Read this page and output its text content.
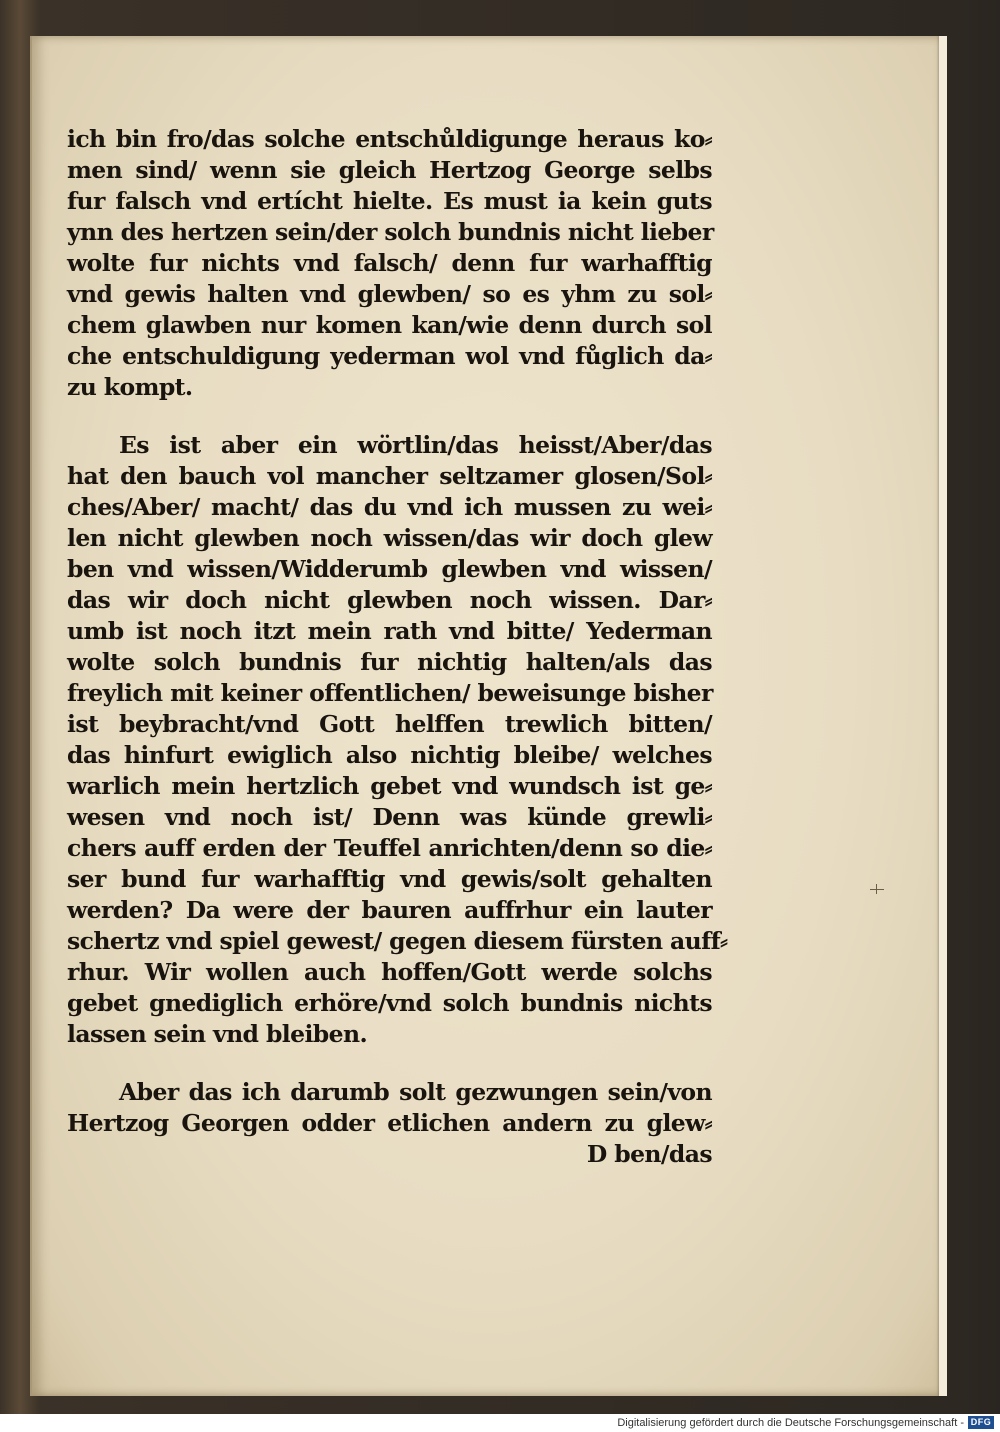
ich bin fro/das solche entschůldigunge heraus ko⸗
men sind/ wenn sie gleich Hertzog George selbs
fur falsch vnd ertícht hielte. Es must ia kein guts
ynn des hertzen sein/der solch bundnis nicht lieber
wolte fur nichts vnd falsch/ denn fur warhafftig
vnd gewis halten vnd glewben/ so es yhm zu sol⸗
chem glawben nur komen kan/wie denn durch sol
che entschuldigung yederman wol vnd fůglich da⸗
zu kompt.
Es ist aber ein wörtlin/das heisst/Aber/das
hat den bauch vol mancher seltzamer glosen/Sol⸗
ches/Aber/ macht/ das du vnd ich mussen zu wei⸗
len nicht glewben noch wissen/das wir doch glew
ben vnd wissen/Widderumb glewben vnd wissen/
das wir doch nicht glewben noch wissen. Dar⸗
umb ist noch itzt mein rath vnd bitte/ Yederman
wolte solch bundnis fur nichtig halten/als das
freylich mit keiner offentlichen/ beweisunge bisher
ist beybracht/vnd Gott helffen trewlich bitten/
das hinfurt ewiglich also nichtig bleibe/ welches
warlich mein hertzlich gebet vnd wundsch ist ge⸗
wesen vnd noch ist/ Denn was künde grewli⸗
chers auff erden der Teuffel anrichten/denn so die⸗
ser bund fur warhafftig vnd gewis/solt gehalten
werden? Da were der bauren auffrhur ein lauter
schertz vnd spiel gewest/ gegen diesem fürsten auff⸗
rhur. Wir wollen auch hoffen/Gott werde solchs
gebet gnediglich erhöre/vnd solch bundnis nichts
lassen sein vnd bleiben.
Aber das ich darumb solt gezwungen sein/von
Hertzog Georgen odder etlichen andern zu glew⸗
D ben/das
Digitalisierung gefördert durch die Deutsche Forschungsgemeinschaft - DFG
